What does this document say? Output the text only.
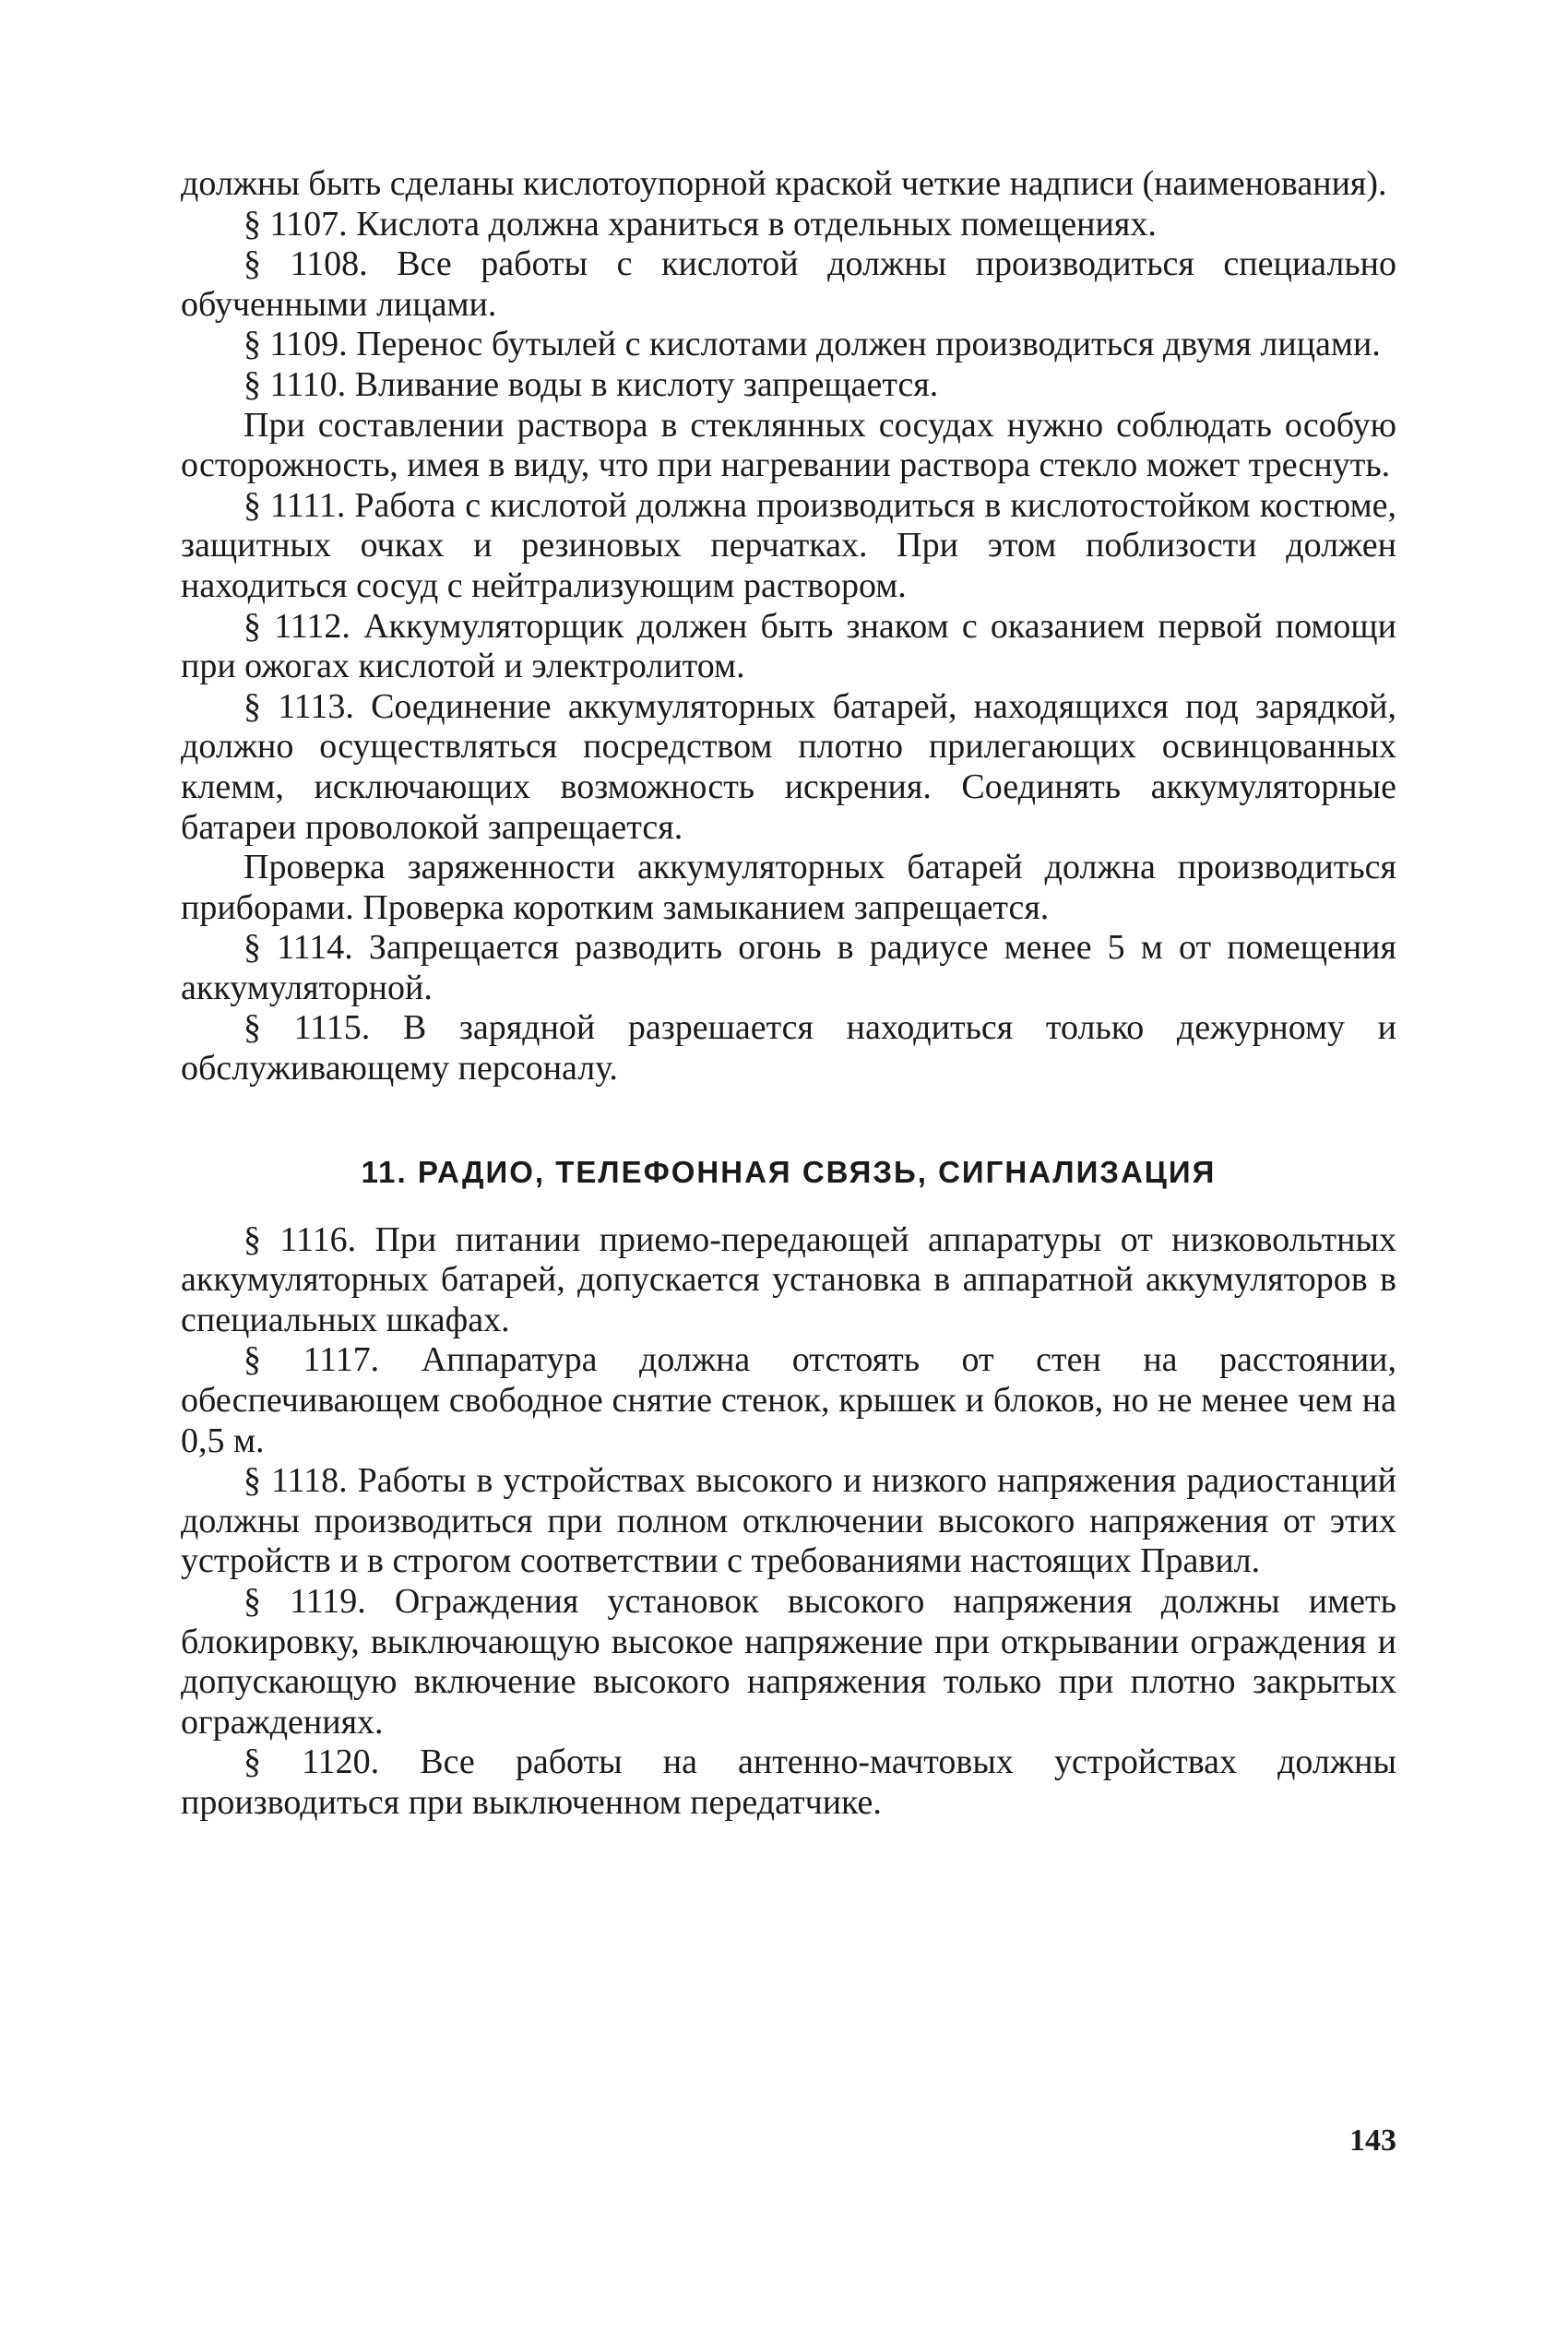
должны быть сделаны кислотоупорной краской четкие надписи (наименования).

§ 1107. Кислота должна храниться в отдельных помещениях.

§ 1108. Все работы с кислотой должны производиться специально обученными лицами.

§ 1109. Перенос бутылей с кислотами должен производиться двумя лицами.

§ 1110. Вливание воды в кислоту запрещается.

При составлении раствора в стеклянных сосудах нужно соблюдать особую осторожность, имея в виду, что при нагревании раствора стекло может треснуть.

§ 1111. Работа с кислотой должна производиться в кислотостойком костюме, защитных очках и резиновых перчатках. При этом поблизости должен находиться сосуд с нейтрализующим раствором.

§ 1112. Аккумуляторщик должен быть знаком с оказанием первой помощи при ожогах кислотой и электролитом.

§ 1113. Соединение аккумуляторных батарей, находящихся под зарядкой, должно осуществляться посредством плотно прилегающих освинцованных клемм, исключающих возможность искрения. Соединять аккумуляторные батареи проволокой запрещается.

Проверка заряженности аккумуляторных батарей должна производиться приборами. Проверка коротким замыканием запрещается.

§ 1114. Запрещается разводить огонь в радиусе менее 5 м от помещения аккумуляторной.

§ 1115. В зарядной разрешается находиться только дежурному и обслуживающему персоналу.

11. РАДИО, ТЕЛЕФОННАЯ СВЯЗЬ, СИГНАЛИЗАЦИЯ

§ 1116. При питании приемо-передающей аппаратуры от низковольтных аккумуляторных батарей, допускается установка в аппаратной аккумуляторов в специальных шкафах.

§ 1117. Аппаратура должна отстоять от стен на расстоянии, обеспечивающем свободное снятие стенок, крышек и блоков, но не менее чем на 0,5 м.

§ 1118. Работы в устройствах высокого и низкого напряжения радиостанций должны производиться при полном отключении высокого напряжения от этих устройств и в строгом соответствии с требованиями настоящих Правил.

§ 1119. Ограждения установок высокого напряжения должны иметь блокировку, выключающую высокое напряжение при открывании ограждения и допускающую включение высокого напряжения только при плотно закрытых ограждениях.

§ 1120. Все работы на антенно-мачтовых устройствах должны производиться при выключенном передатчике.

143
